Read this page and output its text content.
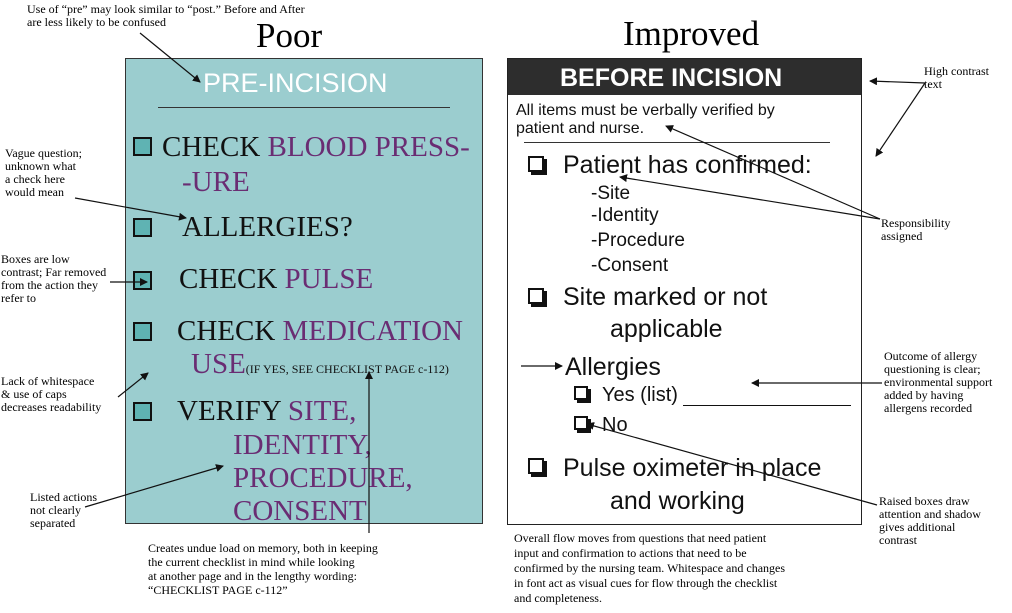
Poor	Improved
PRE-INCISION
CHECK BLOOD PRESS-
-URE
ALLERGIES?
CHECK PULSE
CHECK MEDICATION
USE(IF YES, SEE CHECKLIST PAGE c-112)
VERIFY SITE,
IDENTITY,
PROCEDURE,
CONSENT
BEFORE INCISION
All items must be verbally verified by
patient and nurse.
Patient has confirmed:
-Site
-Identity
-Procedure
-Consent
Site marked or not
applicable
Allergies
Yes (list)
No
Pulse oximeter in place
and working
Use of “pre” may look similar to “post.” Before and After
are less likely to be confused
Vague question;
unknown what
a check here
would mean
Boxes are low
contrast; Far removed
from the action they
refer to
Lack of whitespace
& use of caps
decreases readability
Listed actions
not clearly
separated
Creates undue load on memory, both in keeping
the current checklist in mind while looking
at another page and in the lengthy wording:
“CHECKLIST PAGE c-112”
High contrast
text
Responsibility
assigned
Outcome of allergy
questioning is clear;
environmental support
added by having
allergens recorded
Raised boxes draw
attention and shadow
gives additional
contrast
Overall flow moves from questions that need patient
input and confirmation to actions that need to be
confirmed by the nursing team. Whitespace and changes
in font act as visual cues for flow through the checklist
and completeness.
